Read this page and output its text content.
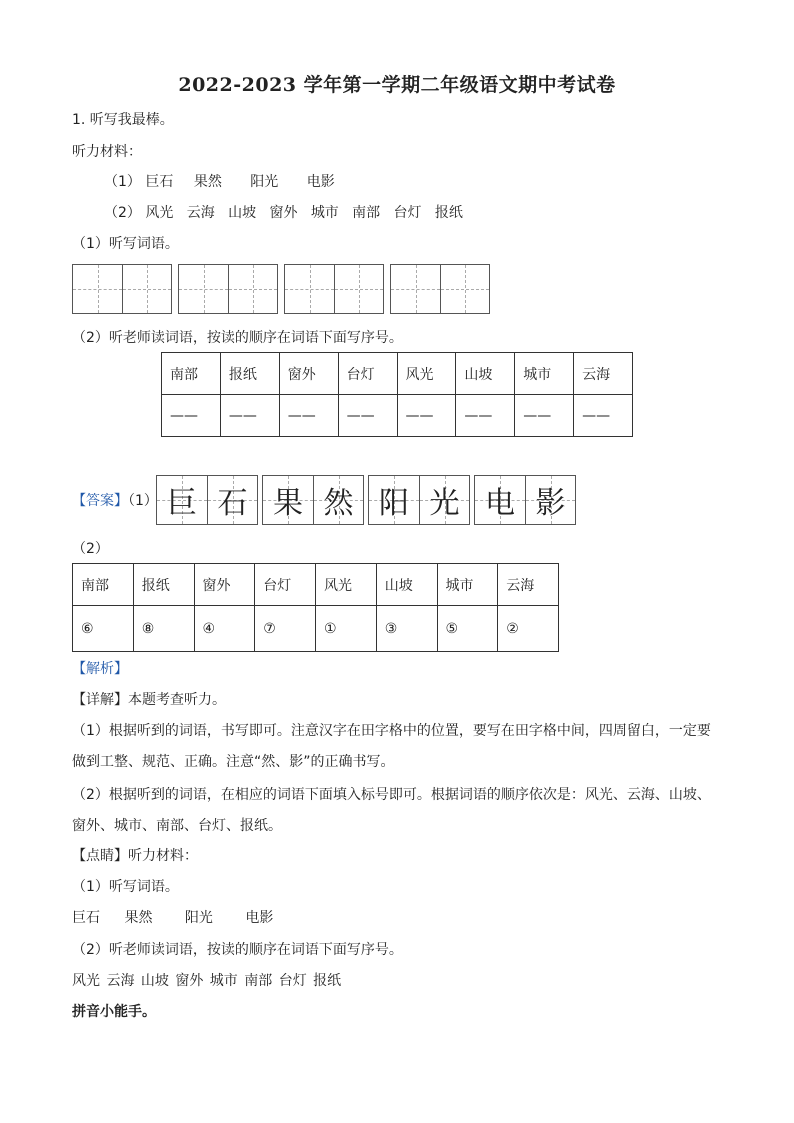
2022-2023 学年第一学期二年级语文期中考试卷
1. 听写我最棒。
听力材料：
（1） 巨石 果然 阳光 电影
（2） 风光 云海 山坡 窗外 城市 南部 台灯 报纸
（1）听写词语。
（2）听老师读词语，按读的顺序在词语下面写序号。
南部	报纸	窗外	台灯	风光	山坡	城市	云海
——	——	——	——	——	——	——	——
【答案】（1） 巨 石 果 然 阳 光 电 影
（2）
南部	报纸	窗外	台灯	风光	山坡	城市	云海
⑥	⑧	④	⑦	①	③	⑤	②
【解析】
【详解】本题考查听力。
（1）根据听到的词语，书写即可。注意汉字在田字格中的位置，要写在田字格中间，四周留白，一定要
做到工整、规范、正确。注意“然、影”的正确书写。
（2）根据听到的词语，在相应的词语下面填入标号即可。根据词语的顺序依次是：风光、云海、山坡、
窗外、城市、南部、台灯、报纸。
【点睛】听力材料：
（1）听写词语。
巨石 果然 阳光 电影
（2）听老师读词语，按读的顺序在词语下面写序号。
风光 云海 山坡 窗外 城市 南部 台灯 报纸
拼音小能手。
